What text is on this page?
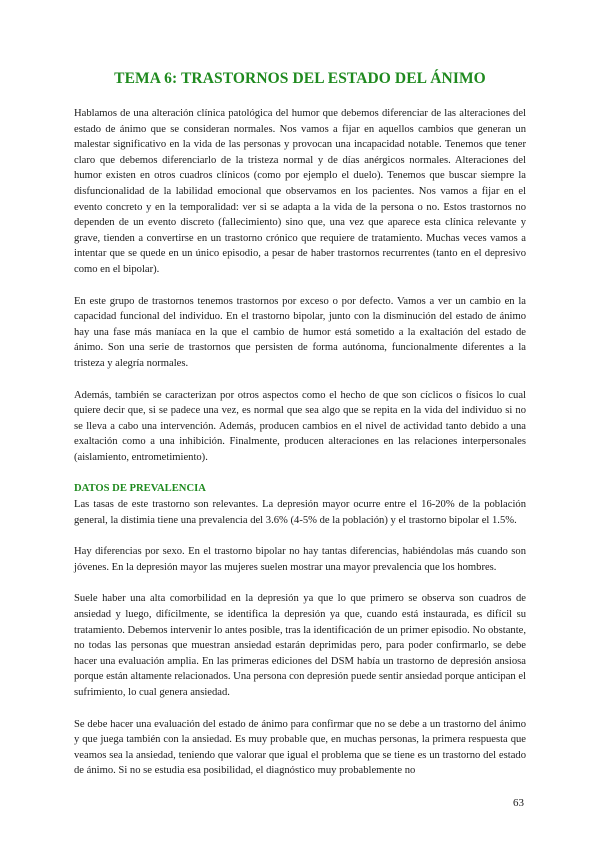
TEMA 6: TRASTORNOS DEL ESTADO DEL ÁNIMO

Hablamos de una alteración clínica patológica del humor que debemos diferenciar de las alteraciones del estado de ánimo que se consideran normales. Nos vamos a fijar en aquellos cambios que generan un malestar significativo en la vida de las personas y provocan una incapacidad notable. Tenemos que tener claro que debemos diferenciarlo de la tristeza normal y de días anérgicos normales. Alteraciones del humor existen en otros cuadros clínicos (como por ejemplo el duelo). Tenemos que buscar siempre la disfuncionalidad de la labilidad emocional que observamos en los pacientes. Nos vamos a fijar en el evento concreto y en la temporalidad: ver si se adapta a la vida de la persona o no. Estos trastornos no dependen de un evento discreto (fallecimiento) sino que, una vez que aparece esta clínica relevante y grave, tienden a convertirse en un trastorno crónico que requiere de tratamiento. Muchas veces vamos a intentar que se quede en un único episodio, a pesar de haber trastornos recurrentes (tanto en el depresivo como en el bipolar).

En este grupo de trastornos tenemos trastornos por exceso o por defecto. Vamos a ver un cambio en la capacidad funcional del individuo. En el trastorno bipolar, junto con la disminución del estado de ánimo hay una fase más maníaca en la que el cambio de humor está sometido a la exaltación del estado de ánimo. Son una serie de trastornos que persisten de forma autónoma, funcionalmente diferentes a la tristeza y alegría normales.

Además, también se caracterizan por otros aspectos como el hecho de que son cíclicos o físicos lo cual quiere decir que, si se padece una vez, es normal que sea algo que se repita en la vida del individuo si no se lleva a cabo una intervención. Además, producen cambios en el nivel de actividad tanto debido a una exaltación como a una inhibición. Finalmente, producen alteraciones en las relaciones interpersonales (aislamiento, entrometimiento).

DATOS DE PREVALENCIA

Las tasas de este trastorno son relevantes. La depresión mayor ocurre entre el 16-20% de la población general, la distimia tiene una prevalencia del 3.6% (4-5% de la población) y el trastorno bipolar el 1.5%.

Hay diferencias por sexo. En el trastorno bipolar no hay tantas diferencias, habiéndolas más cuando son jóvenes. En la depresión mayor las mujeres suelen mostrar una mayor prevalencia que los hombres.

Suele haber una alta comorbilidad en la depresión ya que lo que primero se observa son cuadros de ansiedad y luego, difícilmente, se identifica la depresión ya que, cuando está instaurada, es difícil su tratamiento. Debemos intervenir lo antes posible, tras la identificación de un primer episodio. No obstante, no todas las personas que muestran ansiedad estarán deprimidas pero, para poder confirmarlo, se debe hacer una evaluación amplia. En las primeras ediciones del DSM había un trastorno de depresión ansiosa porque están altamente relacionados. Una persona con depresión puede sentir ansiedad porque anticipan el sufrimiento, lo cual genera ansiedad.

Se debe hacer una evaluación del estado de ánimo para confirmar que no se debe a un trastorno del ánimo y que juega también con la ansiedad. Es muy probable que, en muchas personas, la primera respuesta que veamos sea la ansiedad, teniendo que valorar que igual el problema que se tiene es un trastorno del estado de ánimo. Si no se estudia esa posibilidad, el diagnóstico muy probablemente no

63
